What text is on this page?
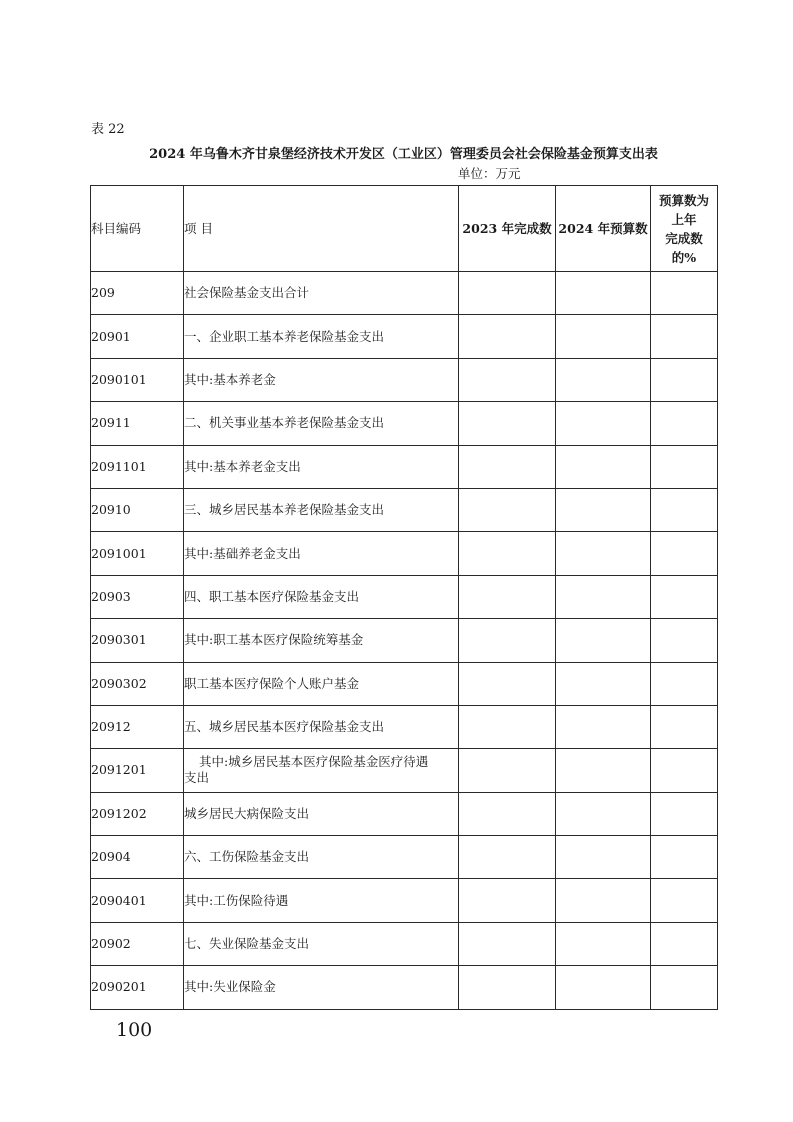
表 22
2024 年乌鲁木齐甘泉堡经济技术开发区（工业区）管理委员会社会保险基金预算支出表
单位：万元
科目编码	项 目	2023 年完成数	2024 年预算数	预算数为
上年
完成数
的%

209	社会保险基金支出合计			
20901	一、企业职工基本养老保险基金支出			
2090101	其中:基本养老金			
20911	二、机关事业基本养老保险基金支出			
2091101	其中:基本养老金支出			
20910	三、城乡居民基本养老保险基金支出			
2091001	其中:基础养老金支出			
20903	四、职工基本医疗保险基金支出			
2090301	其中:职工基本医疗保险统筹基金			
2090302	职工基本医疗保险个人账户基金			
20912	五、城乡居民基本医疗保险基金支出			
2091201	其中:城乡居民基本医疗保险基金医疗待遇
支出			

2091202	城乡居民大病保险支出			
20904	六、工伤保险基金支出			
2090401	其中:工伤保险待遇			
20902	七、失业保险基金支出			
2090201	其中:失业保险金			
100
